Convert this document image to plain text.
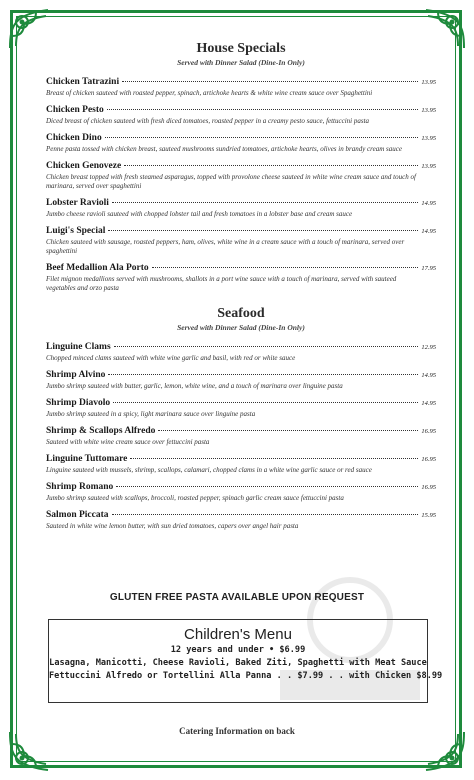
House Specials

Served with Dinner Salad (Dine-In Only)

Chicken Tatrazini	13.95
Breast of chicken sauteed with roasted pepper, spinach, artichoke hearts & white wine cream sauce over Spaghettini
Chicken Pesto	13.95
Diced breast of chicken sauteed with fresh diced tomatoes, roasted pepper in a creamy pesto sauce, fettuccini pasta
Chicken Dino	13.95
Penne pasta tossed with chicken breast, sauteed mushrooms sundried tomatoes, artichoke hearts, olives in brandy cream sauce
Chicken Genoveze	13.95
Chicken breast topped with fresh steamed asparagus, topped with provolone cheese sauteed in white wine cream sauce and touch of marinara, served over spaghettini
Lobster Ravioli	14.95
Jumbo cheese ravioli sauteed with chopped lobster tail and fresh tomatoes in a lobster base and cream sauce
Luigi's Special	14.95
Chicken sauteed with sausage, roasted peppers, ham, olives, white wine in a cream sauce with a touch of marinara, served over spaghettini
Beef Medallion Ala Porto	17.95
Filet mignon medallions served with mushrooms, shallots in a port wine sauce with a touch of marinara, served with sauteed vegetables and orzo pasta
Seafood

Served with Dinner Salad (Dine-In Only)

Linguine Clams	12.95
Chopped minced clams sauteed with white wine garlic and basil, with red or white sauce
Shrimp Alvino	14.95
Jumbo shrimp sauteed with butter, garlic, lemon, white wine, and a touch of marinara over linguine pasta
Shrimp Diavolo	14.95
Jumbo shrimp sauteed in a spicy, light marinara sauce over linguine pasta
Shrimp & Scallops Alfredo	16.95
Sauteed with white wine cream sauce over fettuccini pasta
Linguine Tuttomare	16.95
Linguine sauteed with mussels, shrimp, scallops, calamari, chopped clams in a white wine garlic sauce or red sauce
Shrimp Romano	16.95
Jumbo shrimp sauteed with scallops, broccoli, roasted pepper, spinach garlic cream sauce fettuccini pasta
Salmon Piccata	15.95
Sauteed in white wine lemon butter, with sun dried tomatoes, capers over angel hair pasta
GLUTEN FREE PASTA AVAILABLE UPON REQUEST
Children's Menu
12 years and under • $6.99
Lasagna, Manicotti, Cheese Ravioli, Baked Ziti, Spaghetti with Meat Sauce
Fettuccini Alfredo or Tortellini Alla Panna . . $7.99 . . with Chicken $8.99
Catering Information on back
